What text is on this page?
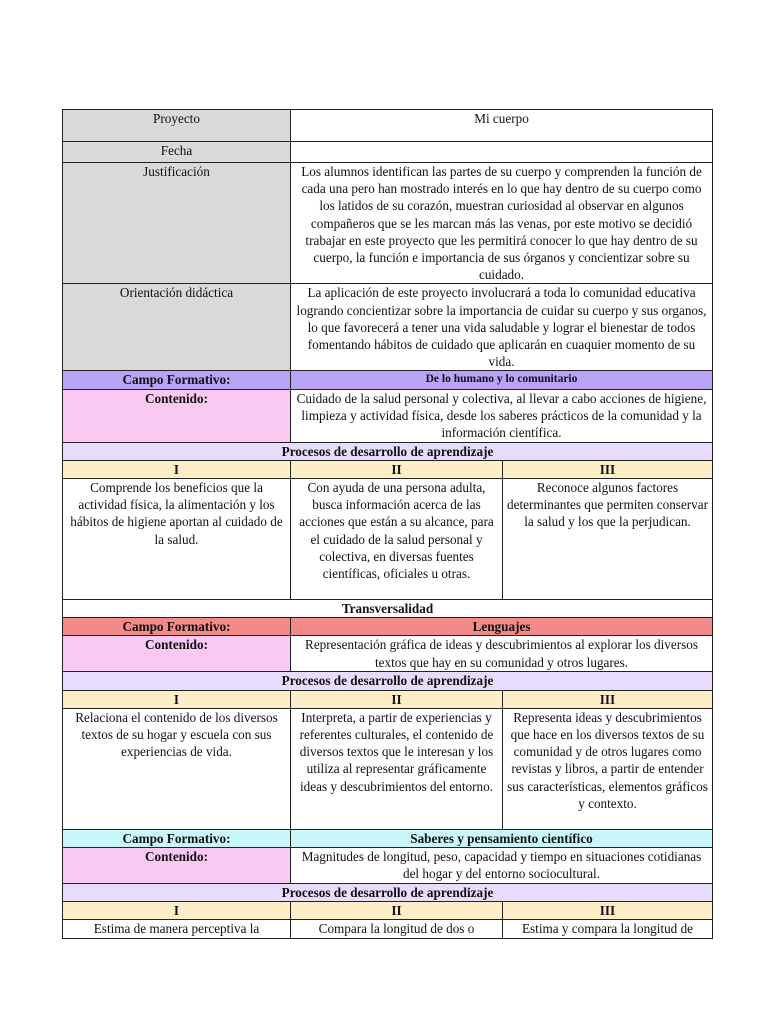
Proyecto	Mi cuerpo	
Fecha		
Justificación	Los alumnos identifican las partes de su cuerpo y comprenden la función de cada una pero han mostrado interés en lo que hay dentro de su cuerpo como los latidos de su corazón, muestran curiosidad al observar en algunos compañeros que se les marcan más las venas, por este motivo se decidió trabajar en este proyecto que les permitirá conocer lo que hay dentro de su cuerpo, la función e importancia de sus órganos y concientizar sobre su cuidado.	
Orientación didáctica	La aplicación de este proyecto involucrará a toda lo comunidad educativa logrando concientizar sobre la importancia de cuidar su cuerpo y sus organos, lo que favorecerá a tener una vida saludable y lograr el bienestar de todos fomentando hábitos de cuidado que aplicarán en cuaquier momento de su vida.	
Campo Formativo:	De lo humano y lo comunitario	
Contenido:	Cuidado de la salud personal y colectiva, al llevar a cabo acciones de higiene, limpieza y actividad física, desde los saberes prácticos de la comunidad y la información científica.	
Procesos de desarrollo de aprendizaje		
I	II	III
Comprende los beneficios que la actividad física, la alimentación y los hábitos de higiene aportan al cuidado de la salud.	Con ayuda de una persona adulta, busca información acerca de las acciones que están a su alcance, para el cuidado de la salud personal y colectiva, en diversas fuentes científicas, oficiales u otras.	Reconoce algunos factores determinantes que permiten conservar la salud y los que la perjudican.
Transversalidad		
Campo Formativo:	Lenguajes	
Contenido:	Representación gráfica de ideas y descubrimientos al explorar los diversos textos que hay en su comunidad y otros lugares.	
Procesos de desarrollo de aprendizaje		
I	II	III
Relaciona el contenido de los diversos textos de su hogar y escuela con sus experiencias de vida.	Interpreta, a partir de experiencias y referentes culturales, el contenido de diversos textos que le interesan y los utiliza al representar gráficamente ideas y descubrimientos del entorno.	Representa ideas y descubrimientos que hace en los diversos textos de su comunidad y de otros lugares como revistas y libros, a partir de entender sus características, elementos gráficos y contexto.
Campo Formativo:	Saberes y pensamiento científico	
Contenido:	Magnitudes de longitud, peso, capacidad y tiempo en situaciones cotidianas del hogar y del entorno sociocultural.	
Procesos de desarrollo de aprendizaje		
I	II	III
Estima de manera perceptiva la	Compara la longitud de dos o	Estima y compara la longitud de
